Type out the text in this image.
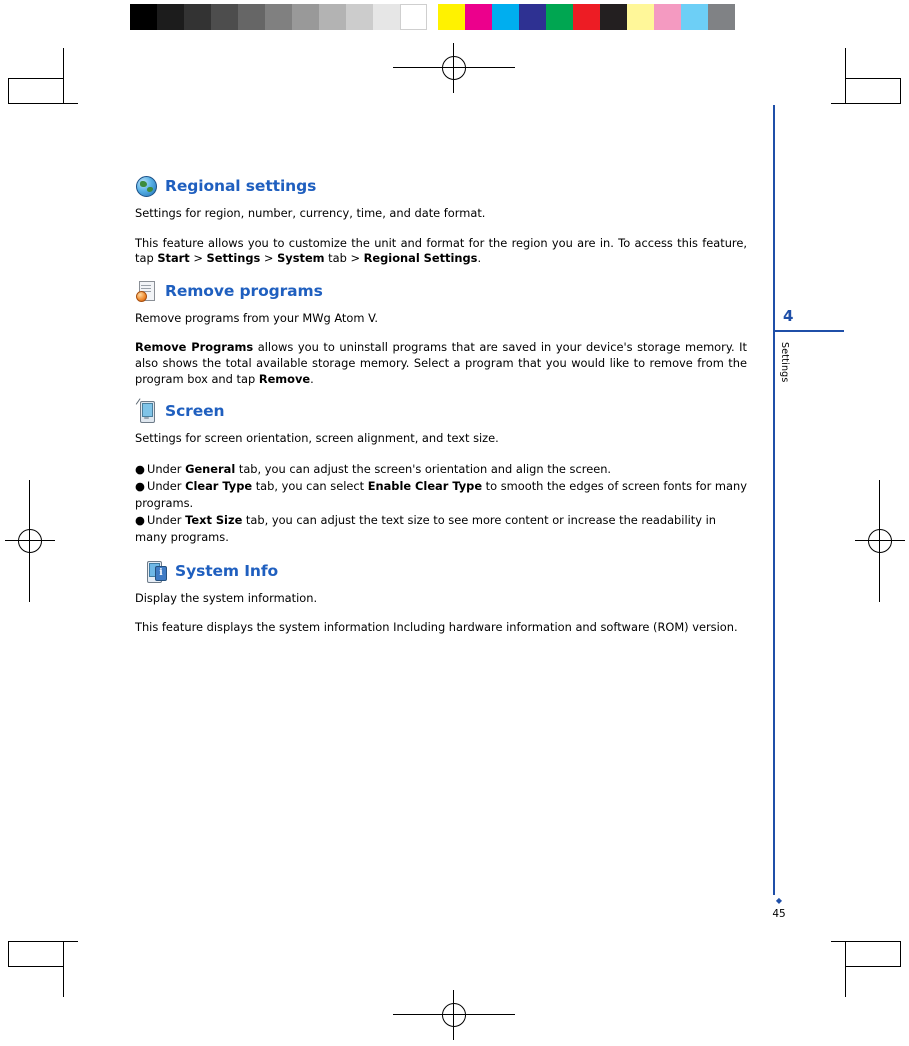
Regional settings

Settings for region, number, currency, time, and date format.

This feature allows you to customize the unit and format for the region you are in. To access this feature, tap Start > Settings > System tab > Regional Settings.

Remove programs

Remove programs from your MWg Atom V.

Remove Programs allows you to uninstall programs that are saved in your device's storage memory. It also shows the total available storage memory. Select a program that you would like to remove from the program box and tap Remove.

Screen

Settings for screen orientation, screen alignment, and text size.

● Under General tab, you can adjust the screen's orientation and align the screen.

● Under Clear Type tab, you can select Enable Clear Type to smooth the edges of screen fonts for many programs.

● Under Text Size tab, you can adjust the text size to see more content or increase the readability in many programs.

i System Info

Display the system information.

This feature displays the system information Including hardware information and software (ROM) version.

4
Settings
◆
45
